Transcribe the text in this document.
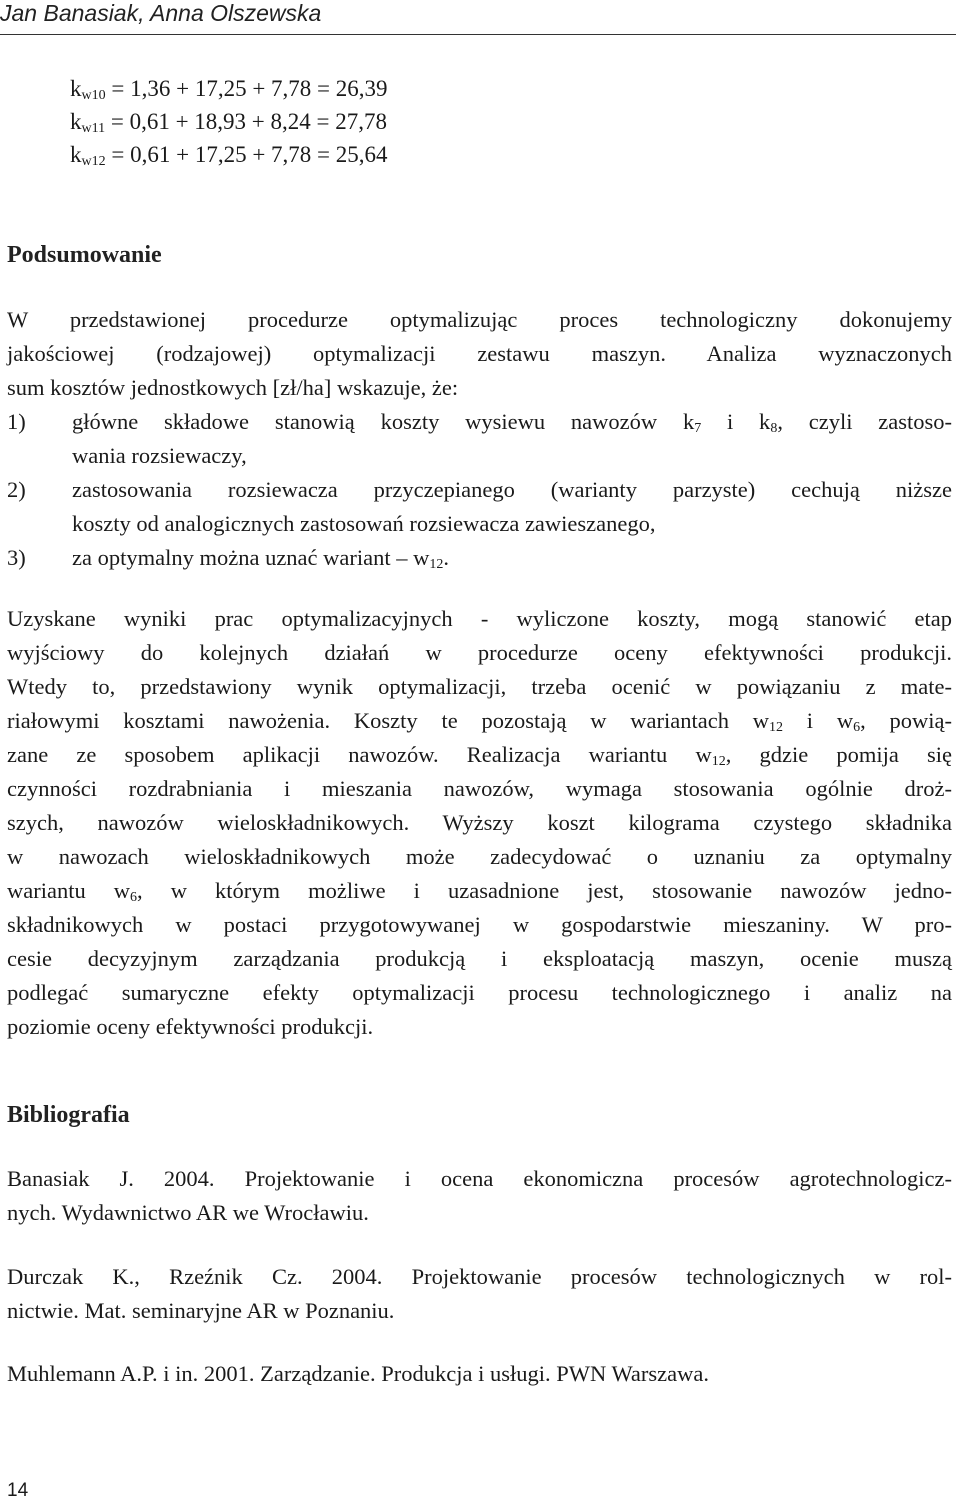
Jan Banasiak, Anna Olszewska
$k_{w10} = 1,36 + 17,25 + 7,78 = 26,39$
$k_{w11} = 0,61 + 18,93 + 8,24 = 27,78$
$k_{w12} = 0,61 + 17,25 + 7,78 = 25,64$
Podsumowanie
W przedstawionej procedurze optymalizując proces technologiczny dokonujemy
jakościowej (rodzajowej) optymalizacji zestawu maszyn. Analiza wyznaczonych
sum kosztów jednostkowych [zł/ha] wskazuje, że:
1) główne składowe stanowią koszty wysiewu nawozów $k_7$ i $k_8$, czyli zastoso-
wania rozsiewaczy,
2) zastosowania rozsiewacza przyczepianego (warianty parzyste) cechują niższe
koszty od analogicznych zastosowań rozsiewacza zawieszanego,
3) za optymalny można uznać wariant – $w_{12}$.
Uzyskane wyniki prac optymalizacyjnych - wyliczone koszty, mogą stanowić etap
wyjściowy do kolejnych działań w procedurze oceny efektywności produkcji.
Wtedy to, przedstawiony wynik optymalizacji, trzeba ocenić w powiązaniu z mate-
riałowymi kosztami nawożenia. Koszty te pozostają w wariantach $w_{12}$ i $w_6$, powią-
zane ze sposobem aplikacji nawozów. Realizacja wariantu $w_{12}$, gdzie pomija się
czynności rozdrabniania i mieszania nawozów, wymaga stosowania ogólnie droż-
szych, nawozów wieloskładnikowych. Wyższy koszt kilograma czystego składnika
w nawozach wieloskładnikowych może zadecydować o uznaniu za optymalny
wariantu $w_6$, w którym możliwe i uzasadnione jest, stosowanie nawozów jedno-
składnikowych w postaci przygotowywanej w gospodarstwie mieszaniny. W pro-
cesie decyzyjnym zarządzania produkcją i eksploatacją maszyn, ocenie muszą
podlegać sumaryczne efekty optymalizacji procesu technologicznego i analiz na
poziomie oceny efektywności produkcji.
Bibliografia
Banasiak J. 2004. Projektowanie i ocena ekonomiczna procesów agrotechnologicz-
nych. Wydawnictwo AR we Wrocławiu.
Durczak K., Rzeźnik Cz. 2004. Projektowanie procesów technologicznych w rol-
nictwie. Mat. seminaryjne AR w Poznaniu.
Muhlemann A.P. i in. 2001. Zarządzanie. Produkcja i usługi. PWN Warszawa.
14
